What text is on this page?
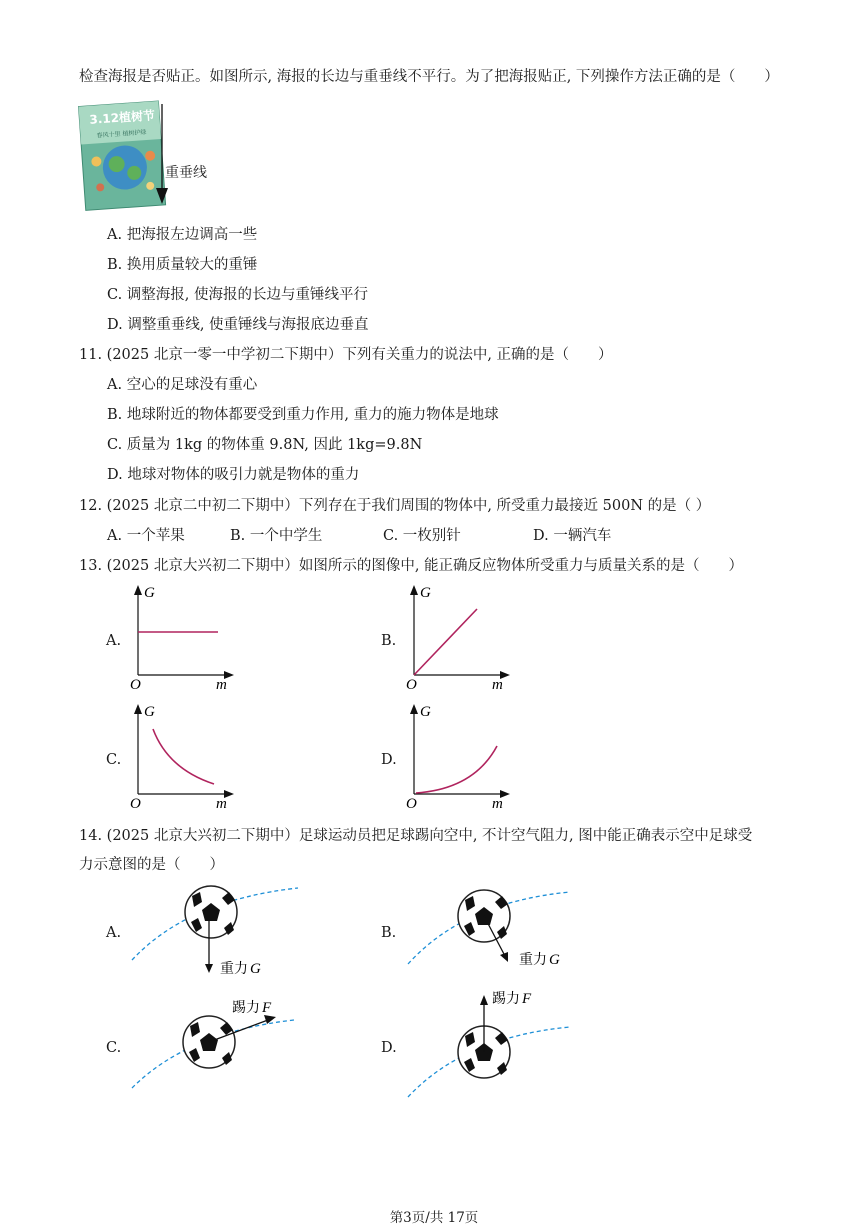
检查海报是否贴正。如图所示, 海报的长边与重垂线不平行。为了把海报贴正, 下列操作方法正确的是（　　）
3.12植树节
春风十里 植树护绿
重垂线
A. 把海报左边调高一些
B. 换用质量较大的重锤
C. 调整海报, 使海报的长边与重锤线平行
D. 调整重垂线, 使重锤线与海报底边垂直
11. (2025 北京一零一中学初二下期中）下列有关重力的说法中, 正确的是（　　）
A. 空心的足球没有重心
B. 地球附近的物体都要受到重力作用, 重力的施力物体是地球
C. 质量为 1kg 的物体重 9.8N, 因此 1kg=9.8N
D. 地球对物体的吸引力就是物体的重力
12. (2025 北京二中初二下期中）下列存在于我们周围的物体中, 所受重力最接近 500N 的是（ ）
A. 一个苹果	B. 一个中学生	C. 一枚别针	D. 一辆汽车
13. (2025 北京大兴初二下期中）如图所示的图像中, 能正确反应物体所受重力与质量关系的是（　　）
A.	B.
C.	D.
G
m
O
G
m
O
G
m
O
G
m
O
14. (2025 北京大兴初二下期中）足球运动员把足球踢向空中, 不计空气阻力, 图中能正确表示空中足球受
力示意图的是（　　）
A.	B.
C.	D.
重力 G
重力 G
踢力 F
踢力 F
第3页/共 17页
